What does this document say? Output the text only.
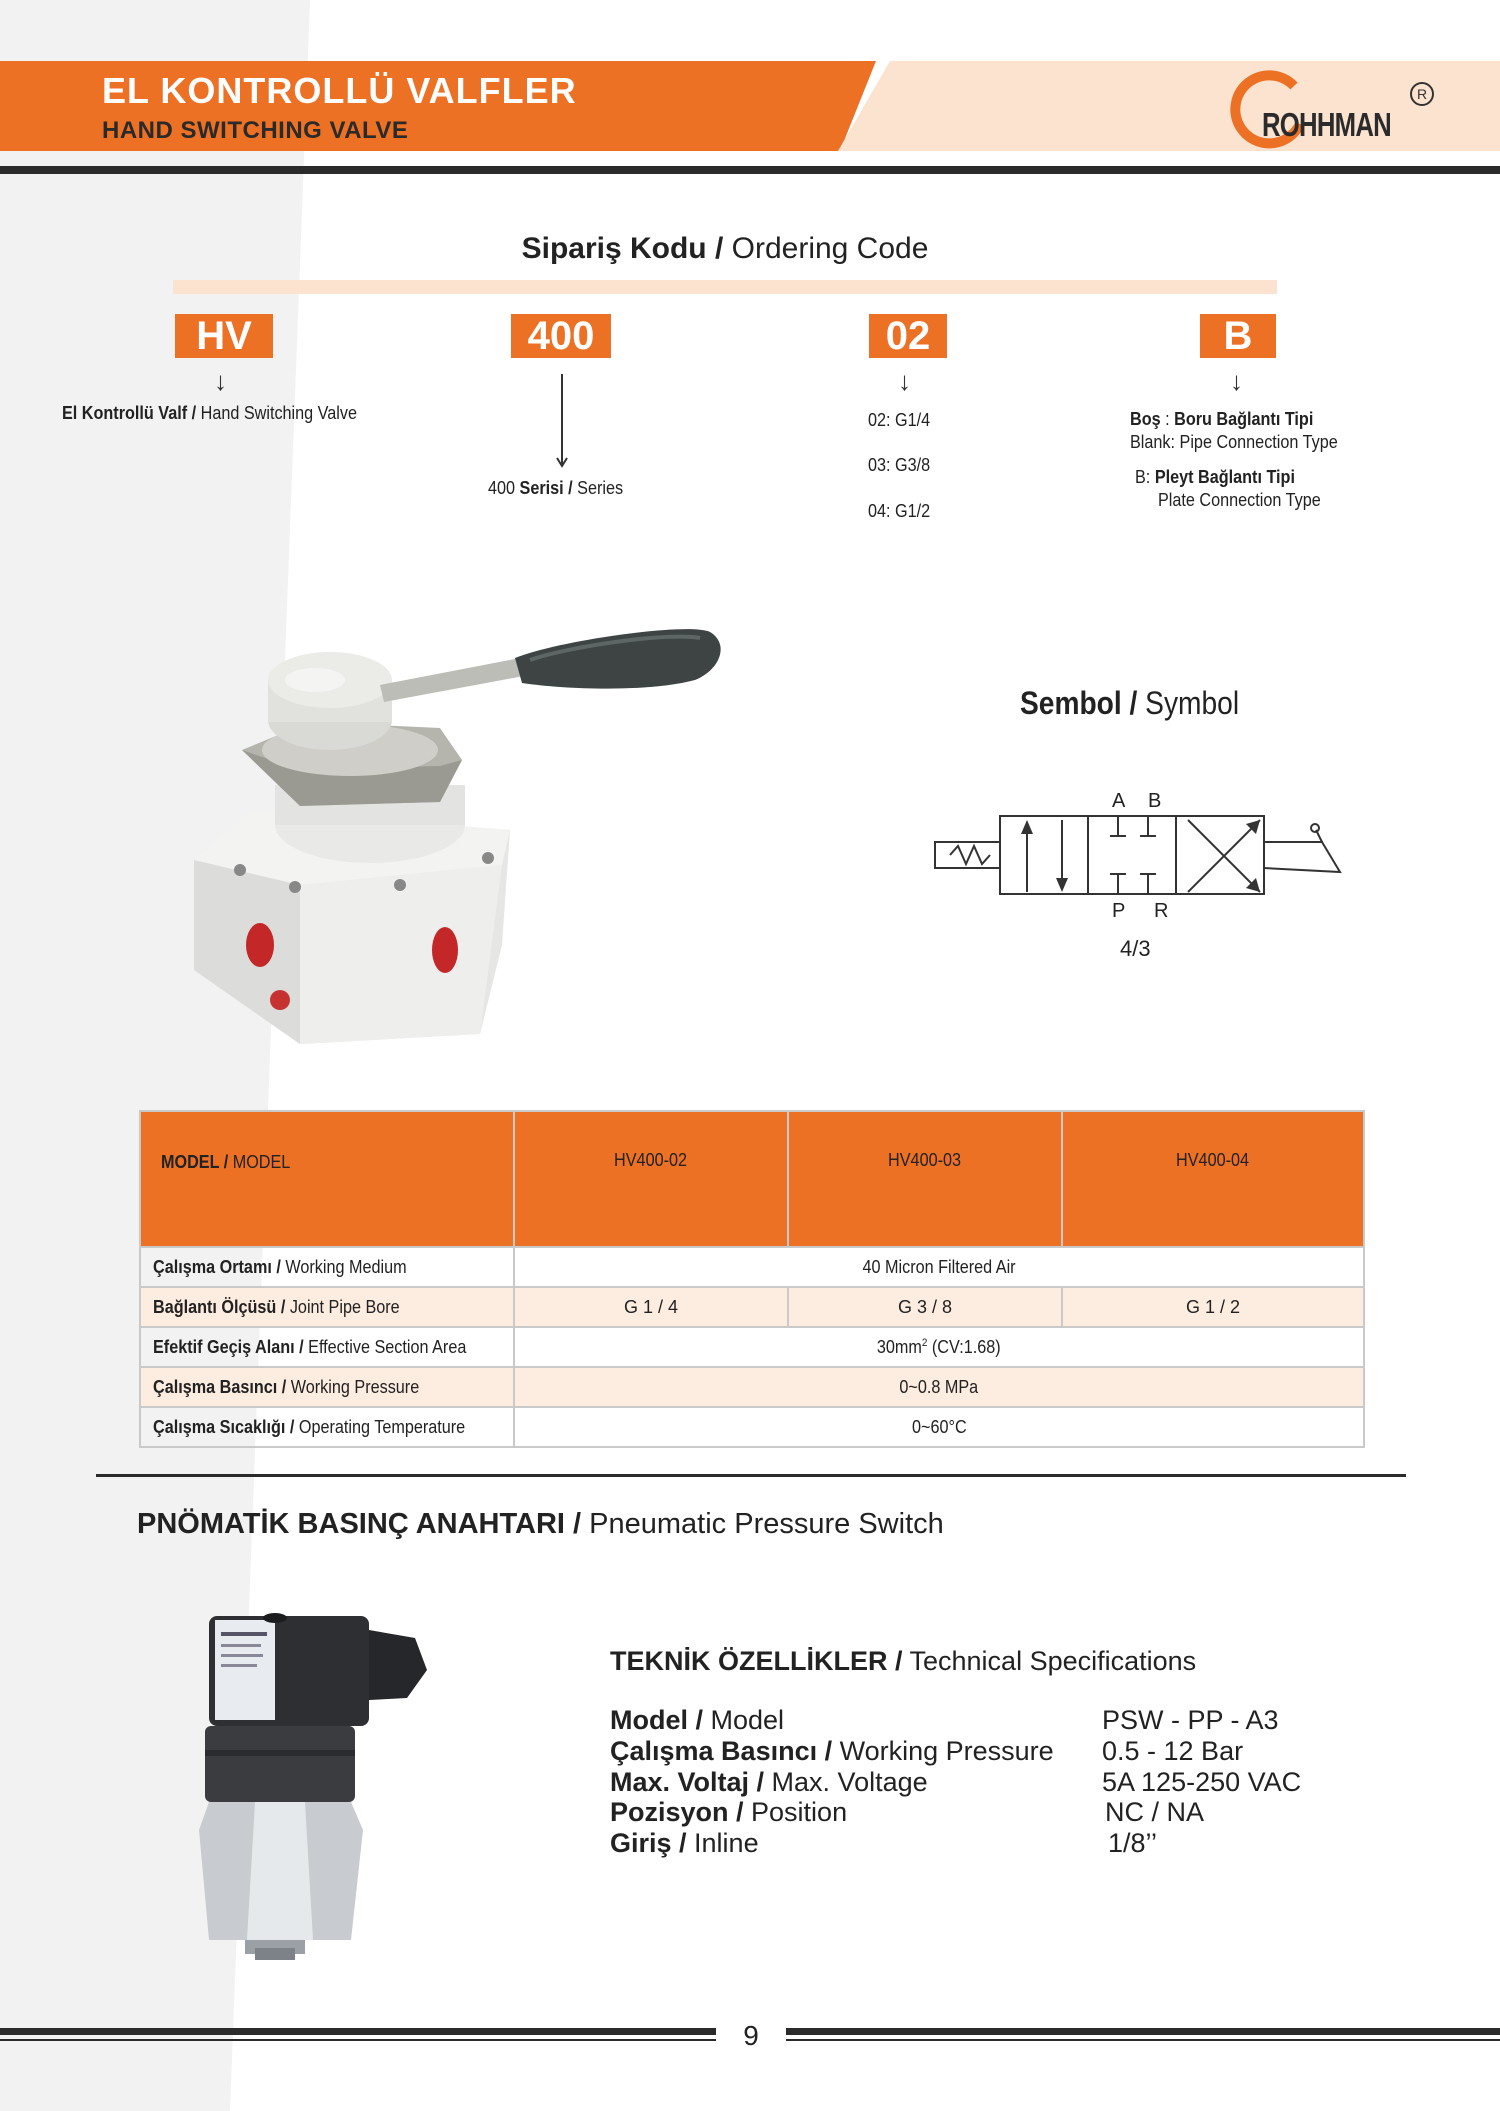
EL KONTROLLÜ VALFLER
HAND SWITCHING VALVE	ROHHMAN
R
Sipariş Kodu / Ordering Code
HV	400	02	B
↓	↓	↓
El Kontrollü Valf / Hand Switching Valve
400 Serisi / Series
02: G1/4
03: G3/8
04: G1/2
Boş : Boru Bağlantı Tipi
Blank: Pipe Connection Type
B: Pleyt Bağlantı Tipi
Plate Connection Type
Sembol / Symbol
A B
P R
4/3
MODEL / MODEL	HV400-02	HV400-03	HV400-04
Çalışma Ortamı / Working Medium	40 Micron Filtered Air		
Bağlantı Ölçüsü / Joint Pipe Bore	G 1 / 4	G 3 / 8	G 1 / 2
Efektif Geçiş Alanı / Effective Section Area	$30mm^2$ (CV:1.68)		
Çalışma Basıncı / Working Pressure	0~0.8 MPa		
Çalışma Sıcaklığı / Operating Temperature	0~60°C		
PNÖMATİK BASINÇ ANAHTARI / Pneumatic Pressure Switch
TEKNİK ÖZELLİKLER / Technical Specifications
Model / Model	PSW - PP - A3
Çalışma Basıncı / Working Pressure 0.5 - 12 Bar
Max. Voltaj / Max. Voltage	5A 125-250 VAC
Pozisyon / Position	NC / NA
Giriş / Inline	1/8’’
9
